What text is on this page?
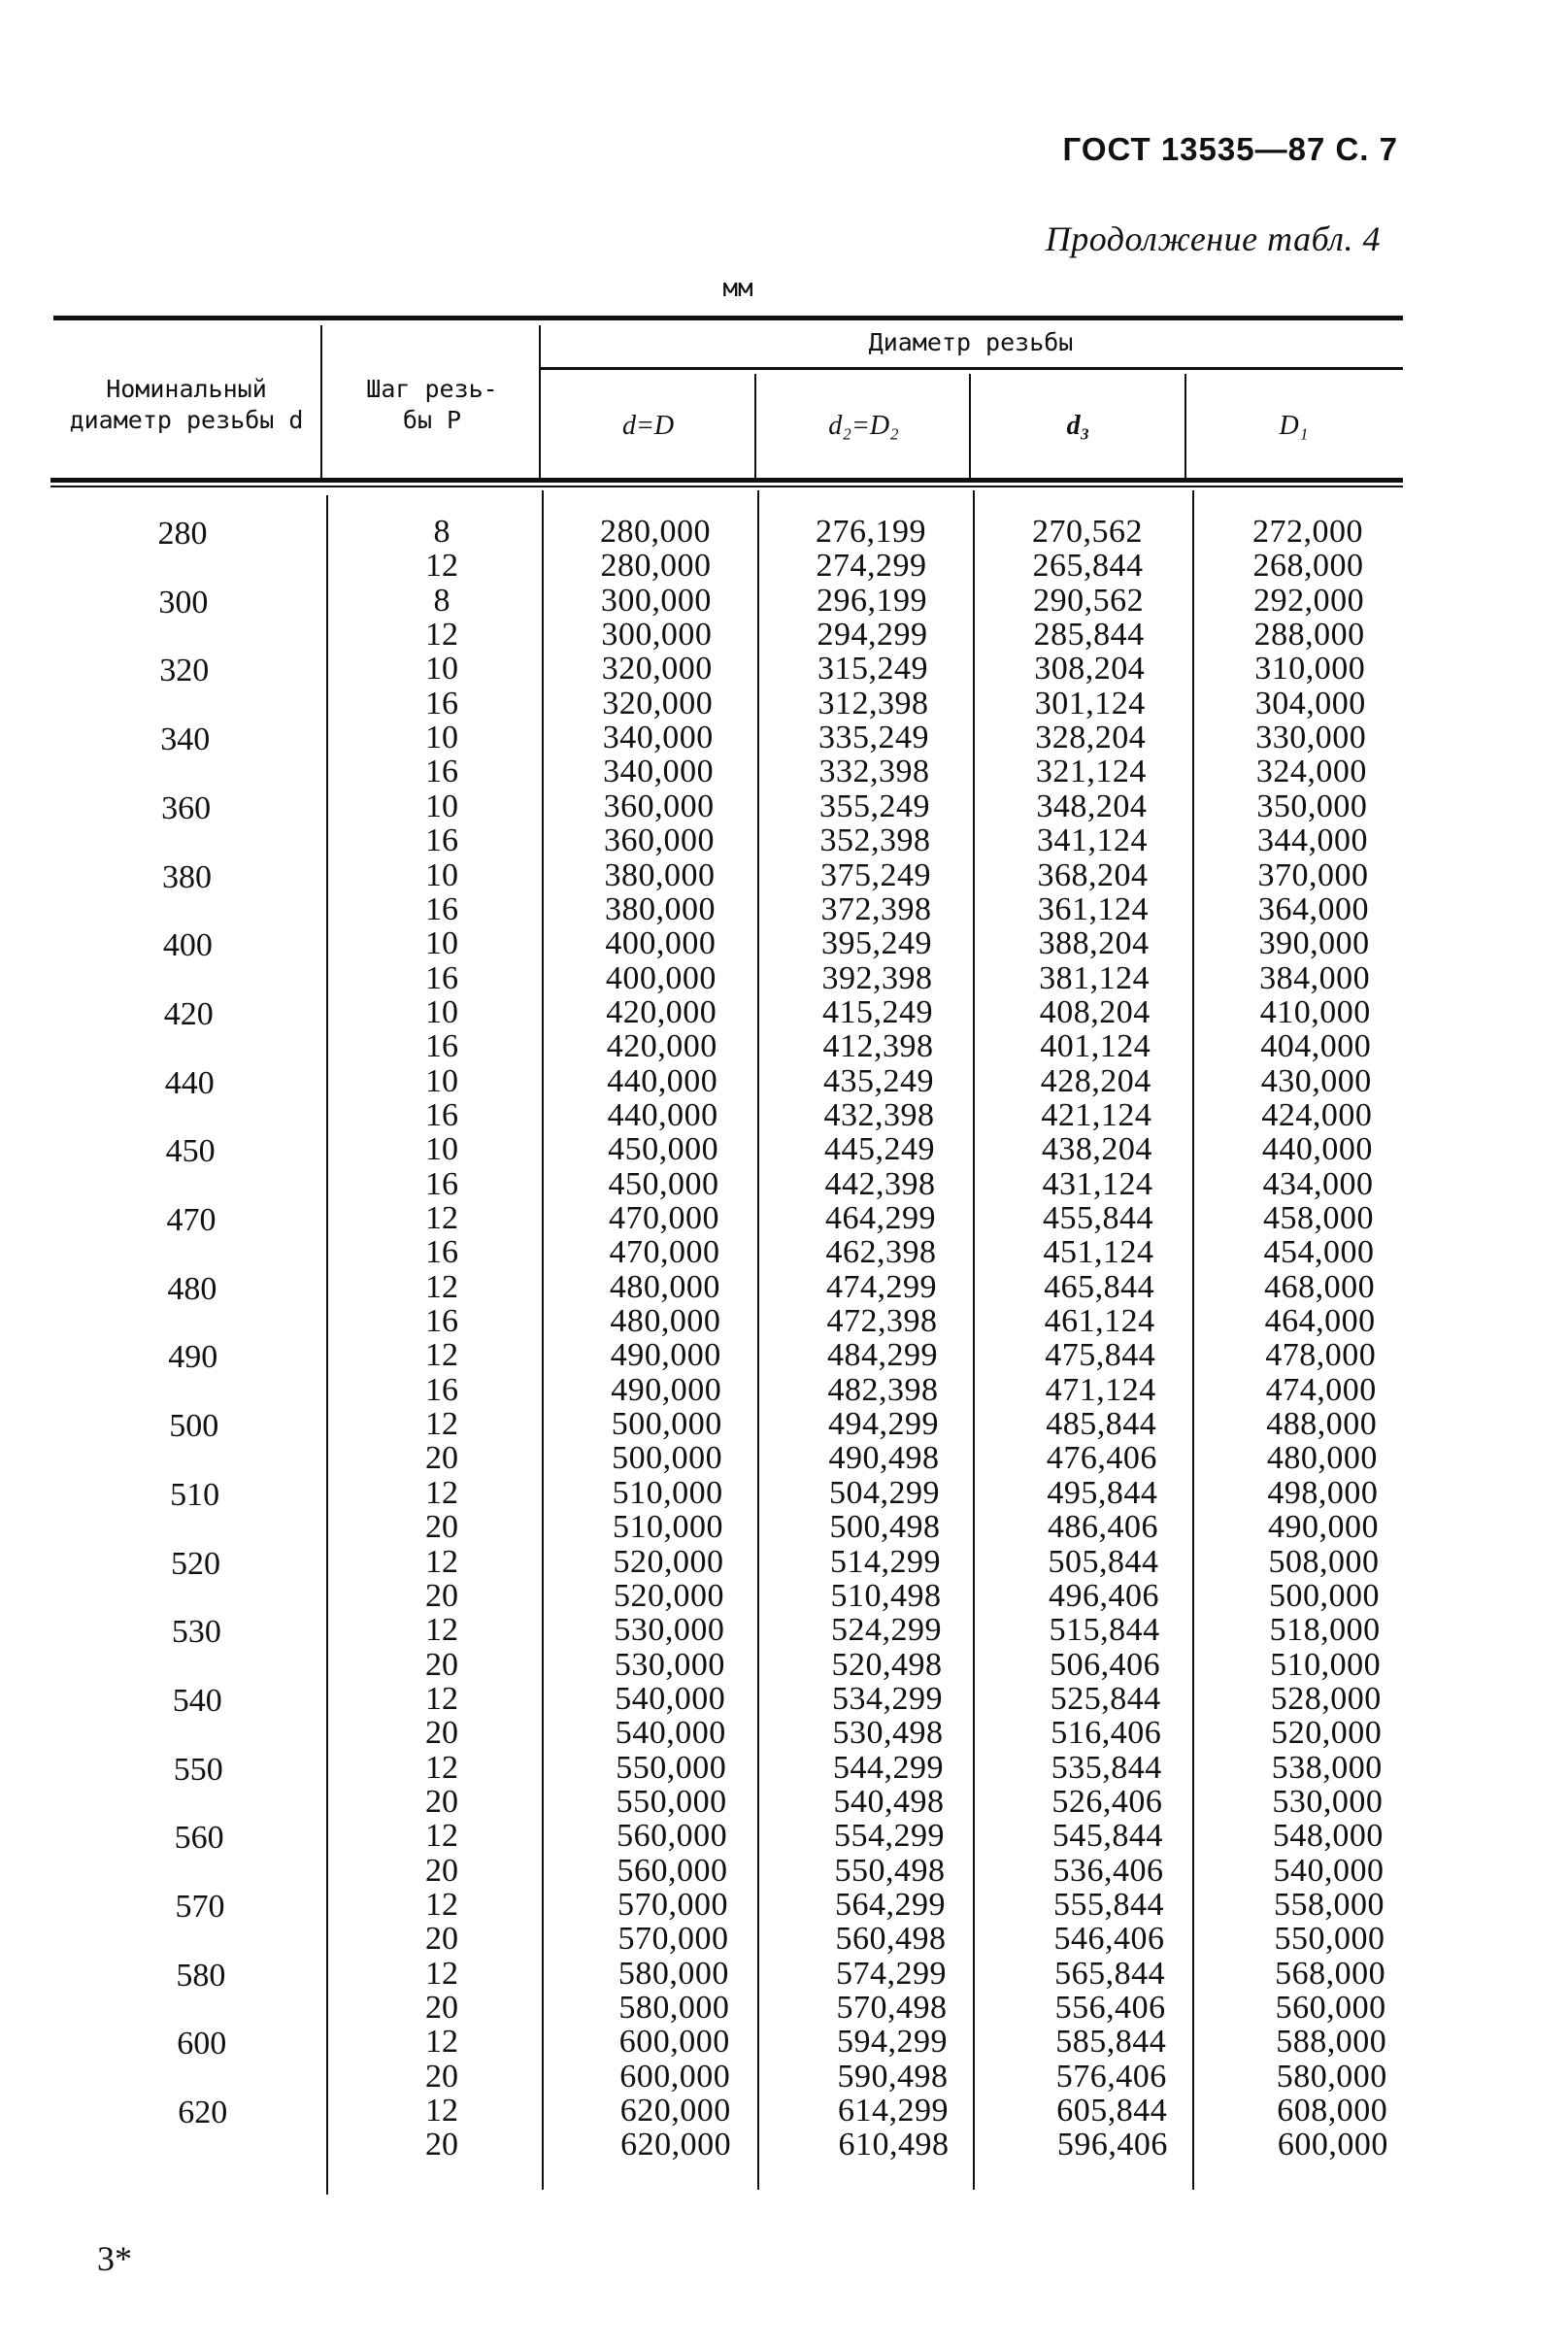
ГОСТ 13535—87 С. 7
Продолжение табл. 4
мм
Номинальный диаметр резьбы d
Шаг резь- бы P
Диаметр резьбы
d=D	d₂=D₂	d₃	D₁
280	8	280,000	276,199	270,562	272,000
12	280,000	274,299	265,844	268,000
300	8	300,000	296,199	290,562	292,000
12	300,000	294,299	285,844	288,000
320	10	320,000	315,249	308,204	310,000
16	320,000	312,398	301,124	304,000
340	10	340,000	335,249	328,204	330,000
16	340,000	332,398	321,124	324,000
360	10	360,000	355,249	348,204	350,000
16	360,000	352,398	341,124	344,000
380	10	380,000	375,249	368,204	370,000
16	380,000	372,398	361,124	364,000
400	10	400,000	395,249	388,204	390,000
16	400,000	392,398	381,124	384,000
420	10	420,000	415,249	408,204	410,000
16	420,000	412,398	401,124	404,000
440	10	440,000	435,249	428,204	430,000
16	440,000	432,398	421,124	424,000
450	10	450,000	445,249	438,204	440,000
16	450,000	442,398	431,124	434,000
470	12	470,000	464,299	455,844	458,000
16	470,000	462,398	451,124	454,000
480	12	480,000	474,299	465,844	468,000
16	480,000	472,398	461,124	464,000
490	12	490,000	484,299	475,844	478,000
16	490,000	482,398	471,124	474,000
500	12	500,000	494,299	485,844	488,000
20	500,000	490,498	476,406	480,000
510	12	510,000	504,299	495,844	498,000
20	510,000	500,498	486,406	490,000
520	12	520,000	514,299	505,844	508,000
20	520,000	510,498	496,406	500,000
530	12	530,000	524,299	515,844	518,000
20	530,000	520,498	506,406	510,000
540	12	540,000	534,299	525,844	528,000
20	540,000	530,498	516,406	520,000
550	12	550,000	544,299	535,844	538,000
20	550,000	540,498	526,406	530,000
560	12	560,000	554,299	545,844	548,000
20	560,000	550,498	536,406	540,000
570	12	570,000	564,299	555,844	558,000
20	570,000	560,498	546,406	550,000
580	12	580,000	574,299	565,844	568,000
20	580,000	570,498	556,406	560,000
600	12	600,000	594,299	585,844	588,000
20	600,000	590,498	576,406	580,000
620	12	620,000	614,299	605,844	608,000
20	620,000	610,498	596,406	600,000
3*
